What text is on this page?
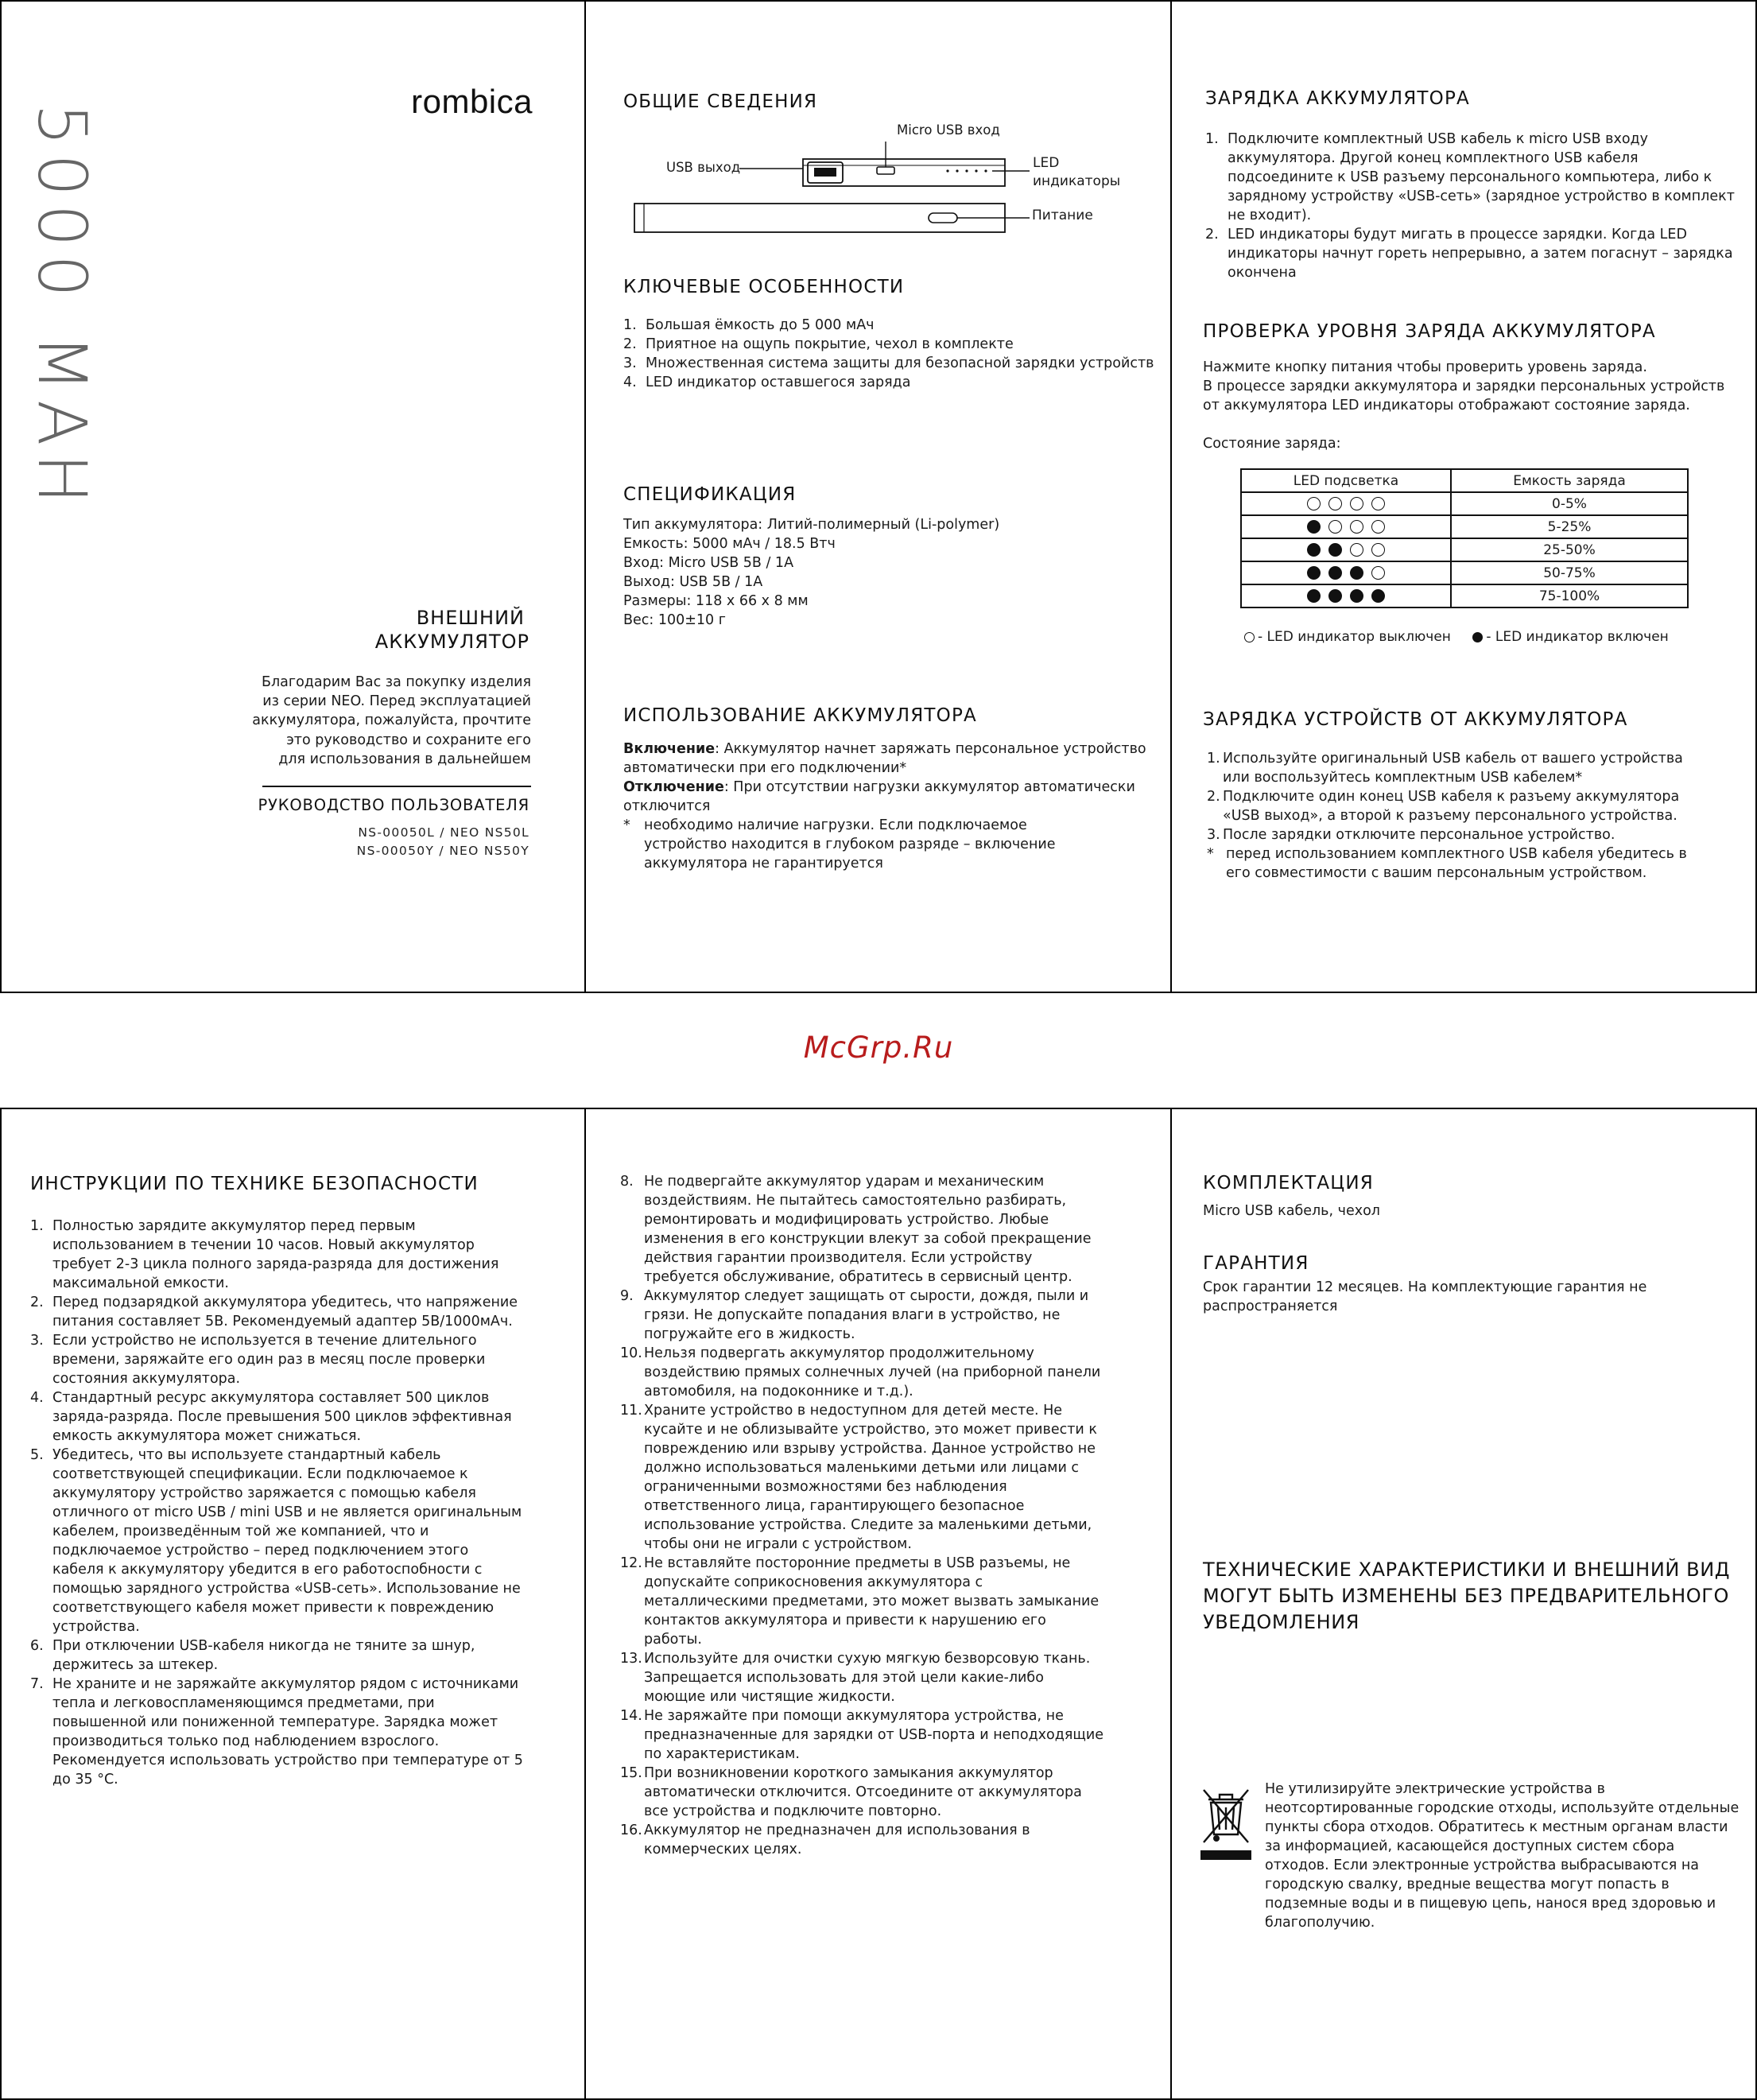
5000 MAH
rombica
ВНЕШНИЙ
АККУМУЛЯТОР
Благодарим Вас за покупку изделия
из серии NEO. Перед эксплуатацией
аккумулятора, пожалуйста, прочтите
это руководство и сохраните его
для использования в дальнейшем
РУКОВОДСТВО ПОЛЬЗОВАТЕЛЯ
NS-00050L / NEO NS50L
NS-00050Y / NEO NS50Y
ОБЩИЕ СВЕДЕНИЯ
USB выход
Micro USB вход
LED
индикаторы
Питание
КЛЮЧЕВЫЕ ОСОБЕННОСТИ
1. Большая ёмкость до 5 000 мАч
2. Приятное на ощупь покрытие, чехол в комплекте
3. Множественная система защиты для безопасной зарядки устройств
4. LED индикатор оставшегося заряда
СПЕЦИФИКАЦИЯ
Тип аккумулятора: Литий-полимерный (Li-polymer)
Емкость: 5000 мАч / 18.5 Втч
Вход: Micro USB 5В / 1А
Выход: USB 5В / 1А
Размеры: 118 x 66 x 8 мм
Вес: 100±10 г
ИСПОЛЬЗОВАНИЕ АККУМУЛЯТОРА
Включение: Аккумулятор начнет заряжать персональное устройство автоматически при его подключении*
Отключение: При отсутствии нагрузки аккумулятор автоматически отключится
* необходимо наличие нагрузки. Если подключаемое устройство находится в глубоком разряде – включение аккумулятора не гарантируется
ЗАРЯДКА АККУМУЛЯТОРА
1. Подключите комплектный USB кабель к micro USB входу аккумулятора. Другой конец комплектного USB кабеля подсоедините к USB разъему персонального компьютера, либо к зарядному устройству «USB-сеть» (зарядное устройство в комплект не входит).
2. LED индикаторы будут мигать в процессе зарядки. Когда LED индикаторы начнут гореть непрерывно, а затем погаснут – зарядка окончена
ПРОВЕРКА УРОВНЯ ЗАРЯДА АККУМУЛЯТОРА
Нажмите кнопку питания чтобы проверить уровень заряда.
В процессе зарядки аккумулятора и зарядки персональных устройств
от аккумулятора LED индикаторы отображают состояние заряда.
Состояние заряда:
LED подсветка	Емкость заряда
	0-5%
	5-25%
	25-50%
	50-75%
	75-100%
- LED индикатор выключен	- LED индикатор включен
ЗАРЯДКА УСТРОЙСТВ ОТ АККУМУЛЯТОРА
1. Используйте оригинальный USB кабель от вашего устройства или воспользуйтесь комплектным USB кабелем*
2. Подключите один конец USB кабеля к разъему аккумулятора «USB выход», а второй к разъему персонального устройства.
3. После зарядки отключите персональное устройство.
* перед использованием комплектного USB кабеля убедитесь в его совместимости с вашим персональным устройством.
McGrp.Ru
ИНСТРУКЦИИ ПО ТЕХНИКЕ БЕЗОПАСНОСТИ
1. Полностью зарядите аккумулятор перед первым использованием в течении 10 часов. Новый аккумулятор требует 2-3 цикла полного заряда-разряда для достижения максимальной емкости.
2. Перед подзарядкой аккумулятора убедитесь, что напряжение питания составляет 5В. Рекомендуемый адаптер 5В/1000мАч.
3. Если устройство не используется в течение длительного времени, заряжайте его один раз в месяц после проверки состояния аккумулятора.
4. Стандартный ресурс аккумулятора составляет 500 циклов заряда-разряда. После превышения 500 циклов эффективная емкость аккумулятора может снижаться.
5. Убедитесь, что вы используете стандартный кабель соответствующей спецификации. Если подключаемое к аккумулятору устройство заряжается с помощью кабеля отличного от micro USB / mini USB и не является оригинальным кабелем, произведённым той же компанией, что и подключаемое устройство – перед подключением этого кабеля к аккумулятору убедится в его работоспобности с помощью зарядного устройства «USB-сеть». Использование не соответствующего кабеля может привести к повреждению устройства.
6. При отключении USB-кабеля никогда не тяните за шнур, держитесь за штекер.
7. Не храните и не заряжайте аккумулятор рядом с источниками тепла и легковоспламеняющимся предметами, при повышенной или пониженной температуре. Зарядка может производиться только под наблюдением взрослого. Рекомендуется использовать устройство при температуре от 5 до 35 °С.
8. Не подвергайте аккумулятор ударам и механическим воздействиям. Не пытайтесь самостоятельно разбирать, ремонтировать и модифицировать устройство. Любые изменения в его конструкции влекут за собой прекращение действия гарантии производителя. Если устройству требуется обслуживание, обратитесь в сервисный центр.
9. Аккумулятор следует защищать от сырости, дождя, пыли и грязи. Не допускайте попадания влаги в устройство, не погружайте его в жидкость.
10. Нельзя подвергать аккумулятор продолжительному воздействию прямых солнечных лучей (на приборной панели автомобиля, на подоконнике и т.д.).
11. Храните устройство в недоступном для детей месте. Не кусайте и не облизывайте устройство, это может привести к повреждению или взрыву устройства. Данное устройство не должно использоваться маленькими детьми или лицами с ограниченными возможностями без наблюдения ответственного лица, гарантирующего безопасное использование устройства. Следите за маленькими детьми, чтобы они не играли с устройством.
12. Не вставляйте посторонние предметы в USB разъемы, не допускайте соприкосновения аккумулятора с металлическими предметами, это может вызвать замыкание контактов аккумулятора и привести к нарушению его работы.
13. Используйте для очистки сухую мягкую безворсовую ткань. Запрещается использовать для этой цели какие-либо моющие или чистящие жидкости.
14. Не заряжайте при помощи аккумулятора устройства, не предназначенные для зарядки от USB-порта и неподходящие по характеристикам.
15. При возникновении короткого замыкания аккумулятор автоматически отключится. Отсоедините от аккумулятора все устройства и подключите повторно.
16. Аккумулятор не предназначен для использования в коммерческих целях.
КОМПЛЕКТАЦИЯ
Micro USB кабель, чехол
ГАРАНТИЯ
Срок гарантии 12 месяцев. На комплектующие гарантия не распространяется
ТЕХНИЧЕСКИЕ ХАРАКТЕРИСТИКИ И ВНЕШНИЙ ВИД
МОГУТ БЫТЬ ИЗМЕНЕНЫ БЕЗ ПРЕДВАРИТЕЛЬНОГО
УВЕДОМЛЕНИЯ
Не утилизируйте электрические устройства в неотсортированные городские отходы, используйте отдельные пункты сбора отходов. Обратитесь к местным органам власти за информацией, касающейся доступных систем сбора отходов. Если электронные устройства выбрасываются на городскую свалку, вредные вещества могут попасть в подземные воды и в пищевую цепь, нанося вред здоровью и благополучию.
